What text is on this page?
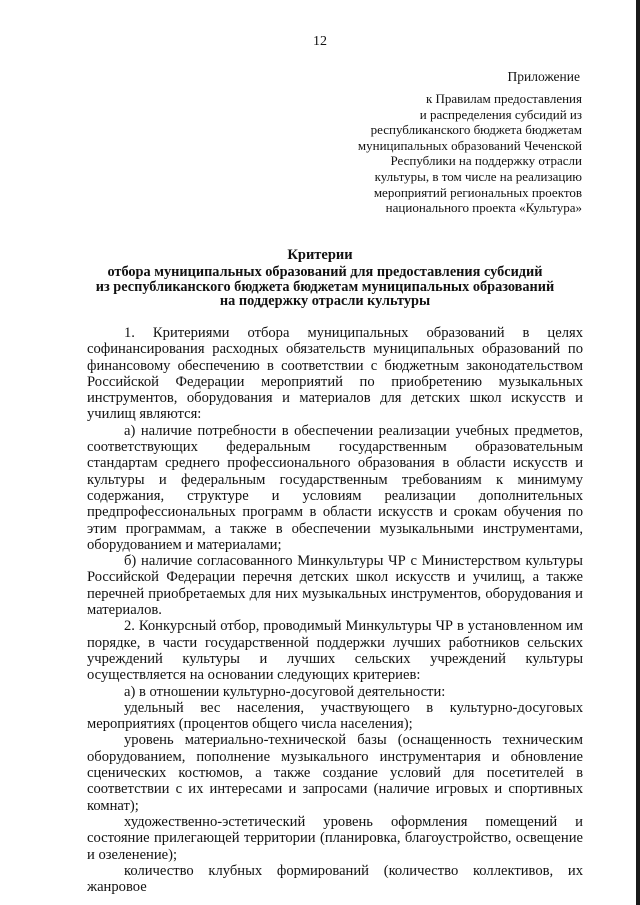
12
Приложение
к Правилам предоставления
и распределения субсидий из
республиканского бюджета бюджетам
муниципальных образований Чеченской
Республики на поддержку отрасли
культуры, в том числе на реализацию
мероприятий региональных проектов
национального проекта «Культура»
Критерии
отбора муниципальных образований для предоставления субсидий
из республиканского бюджета бюджетам муниципальных образований
на поддержку отрасли культуры

1. Критериями отбора муниципальных образований в целях софинансирования расходных обязательств муниципальных образований по финансовому обеспечению в соответствии с бюджетным законодательством Российской Федерации мероприятий по приобретению музыкальных инструментов, оборудования и материалов для детских школ искусств и училищ являются:

а) наличие потребности в обеспечении реализации учебных предметов, соответствующих федеральным государственным образовательным стандартам среднего профессионального образования в области искусств и культуры и федеральным государственным требованиям к минимуму содержания, структуре и условиям реализации дополнительных предпрофессиональных программ в области искусств и срокам обучения по этим программам, а также в обеспечении музыкальными инструментами, оборудованием и материалами;

б) наличие согласованного Минкультуры ЧР с Министерством культуры Российской Федерации перечня детских школ искусств и училищ, а также перечней приобретаемых для них музыкальных инструментов, оборудования и материалов.

2. Конкурсный отбор, проводимый Минкультуры ЧР в установленном им порядке, в части государственной поддержки лучших работников сельских учреждений культуры и лучших сельских учреждений культуры осуществляется на основании следующих критериев:

а) в отношении культурно-досуговой деятельности:

удельный вес населения, участвующего в культурно-досуговых мероприятиях (процентов общего числа населения);

уровень материально-технической базы (оснащенность техническим оборудованием, пополнение музыкального инструментария и обновление сценических костюмов, а также создание условий для посетителей в соответствии с их интересами и запросами (наличие игровых и спортивных комнат);

художественно-эстетический уровень оформления помещений и состояние прилегающей территории (планировка, благоустройство, освещение и озеленение);

количество клубных формирований (количество коллективов, их жанровое
